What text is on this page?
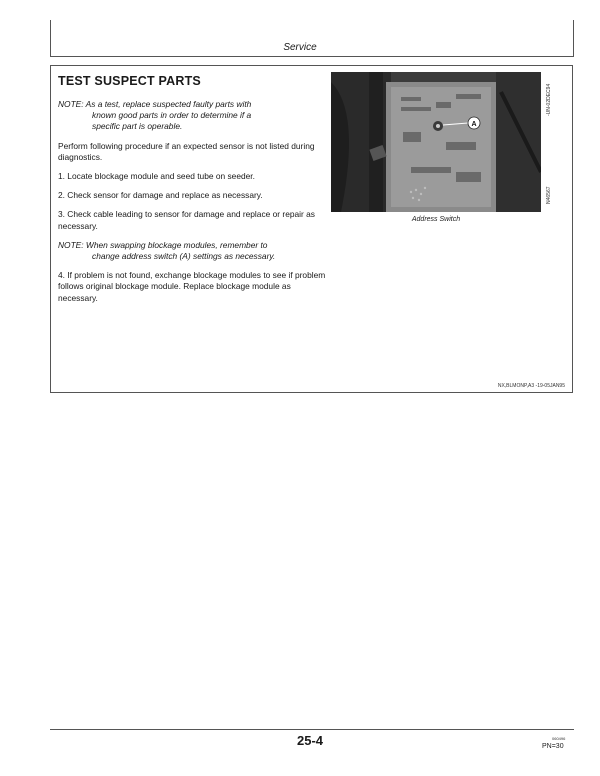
Service
TEST SUSPECT PARTS
NOTE: As a test, replace suspected faulty parts with
known good parts in order to determine if a
specific part is operable.

Perform following procedure if an expected sensor is not listed during diagnostics.

1. Locate blockage module and seed tube on seeder.

2. Check sensor for damage and replace as necessary.

3. Check cable leading to sensor for damage and replace or repair as necessary.

NOTE: When swapping blockage modules, remember to
change address switch (A) settings as necessary.

4. If problem is not found, exchange blockage modules to see if problem follows original blockage module. Replace blockage module as necessary.

A
-UN-02DEC94
N46567
Address Switch
NX,BLMONP,A3 -19-05JAN95
25-4	060496
PN=30
